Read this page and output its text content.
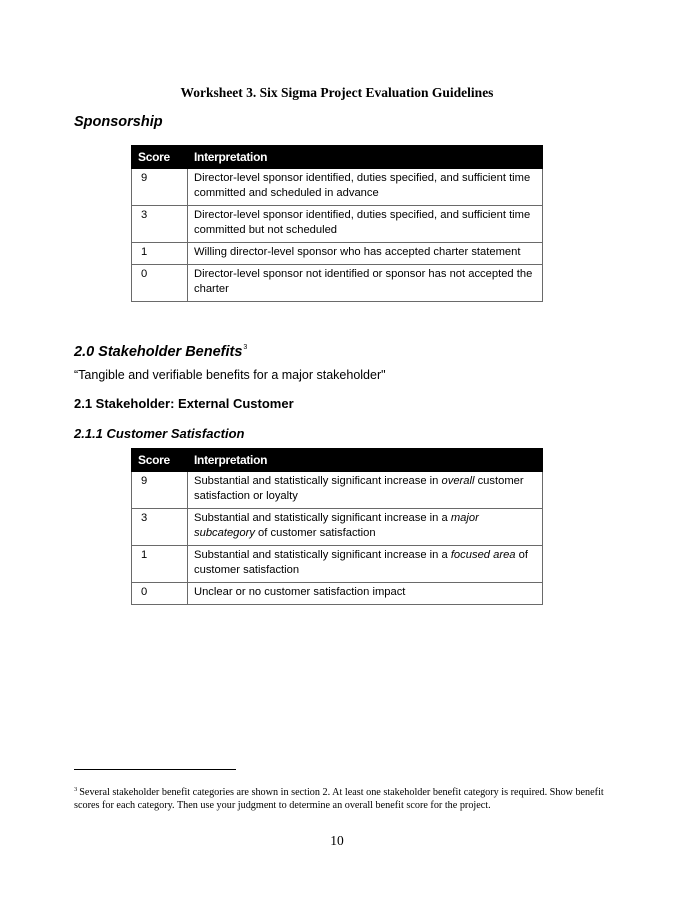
Worksheet 3. Six Sigma Project Evaluation Guidelines
Sponsorship
Score	Interpretation
9	Director-level sponsor identified, duties specified, and sufficient time committed and scheduled in advance
3	Director-level sponsor identified, duties specified, and sufficient time committed but not scheduled
1	Willing director-level sponsor who has accepted charter statement
0	Director-level sponsor not identified or sponsor has not accepted the charter
2.0 Stakeholder Benefits$^3$
“Tangible and verifiable benefits for a major stakeholder"
2.1 Stakeholder: External Customer
2.1.1 Customer Satisfaction
Score	Interpretation
9	Substantial and statistically significant increase in overall customer satisfaction or loyalty
3	Substantial and statistically significant increase in a major subcategory of customer satisfaction
1	Substantial and statistically significant increase in a focused area of customer satisfaction
0	Unclear or no customer satisfaction impact
$^3$ Several stakeholder benefit categories are shown in section 2. At least one stakeholder benefit category is required. Show benefit scores for each category. Then use your judgment to determine an overall benefit score for the project.
10
